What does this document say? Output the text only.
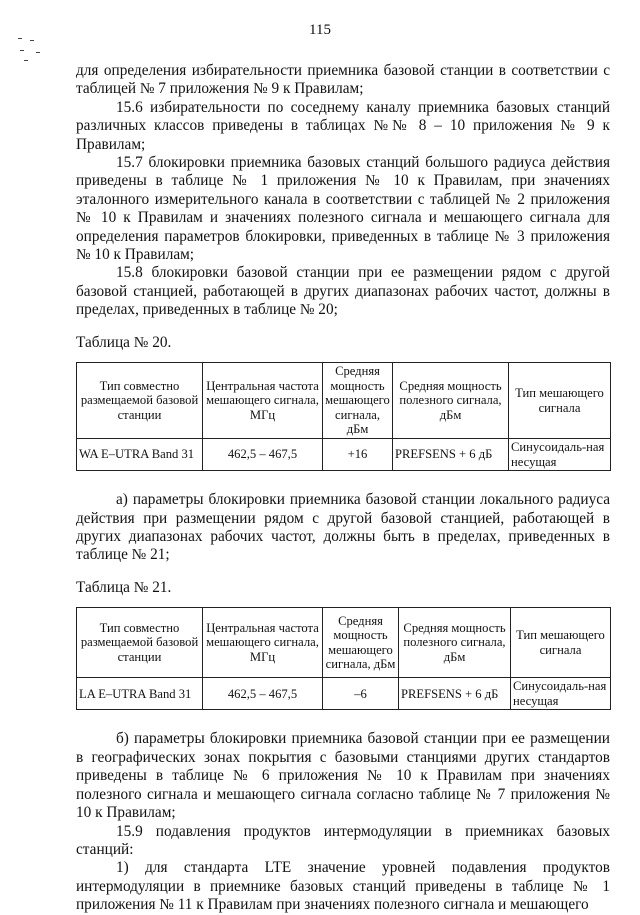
115

для определения избирательности приемника базовой станции в соответствии с таблицей № 7 приложения № 9 к Правилам;

15.6 избирательности по соседнему каналу приемника базовых станций различных классов приведены в таблицах №№ 8 – 10 приложения № 9 к Правилам;

15.7 блокировки приемника базовых станций большого радиуса действия приведены в таблице № 1 приложения № 10 к Правилам, при значениях эталонного измерительного канала в соответствии с таблицей № 2 приложения № 10 к Правилам и значениях полезного сигнала и мешающего сигнала для определения параметров блокировки, приведенных в таблице № 3 приложения № 10 к Правилам;

15.8 блокировки базовой станции при ее размещении рядом с другой базовой станцией, работающей в других диапазонах рабочих частот, должны в пределах, приведенных в таблице № 20;

Таблица № 20.

Тип совместно размещаемой базовой станции	Центральная частота мешающего сигнала, МГц	Средняя мощность мешающего сигнала, дБм	Средняя мощность полезного сигнала, дБм	Тип мешающего сигнала
WA E–UTRA Band 31	462,5 – 467,5	+16	PREFSENS + 6 дБ	Синусоидаль-ная несущая

а) параметры блокировки приемника базовой станции локального радиуса действия при размещении рядом с другой базовой станцией, работающей в других диапазонах рабочих частот, должны быть в пределах, приведенных в таблице № 21;

Таблица № 21.

Тип совместно размещаемой базовой станции	Центральная частота мешающего сигнала, МГц	Средняя мощность мешающего сигнала, дБм	Средняя мощность полезного сигнала, дБм	Тип мешающего сигнала
LA E–UTRA Band 31	462,5 – 467,5	–6	PREFSENS + 6 дБ	Синусоидаль-ная несущая

б) параметры блокировки приемника базовой станции при ее размещении в географических зонах покрытия с базовыми станциями других стандартов приведены в таблице № 6 приложения № 10 к Правилам при значениях полезного сигнала и мешающего сигнала согласно таблице № 7 приложения № 10 к Правилам;

15.9 подавления продуктов интермодуляции в приемниках базовых станций:

1) для стандарта LTE значение уровней подавления продуктов интермодуляции в приемнике базовых станций приведены в таблице № 1 приложения № 11 к Правилам при значениях полезного сигнала и мешающего
